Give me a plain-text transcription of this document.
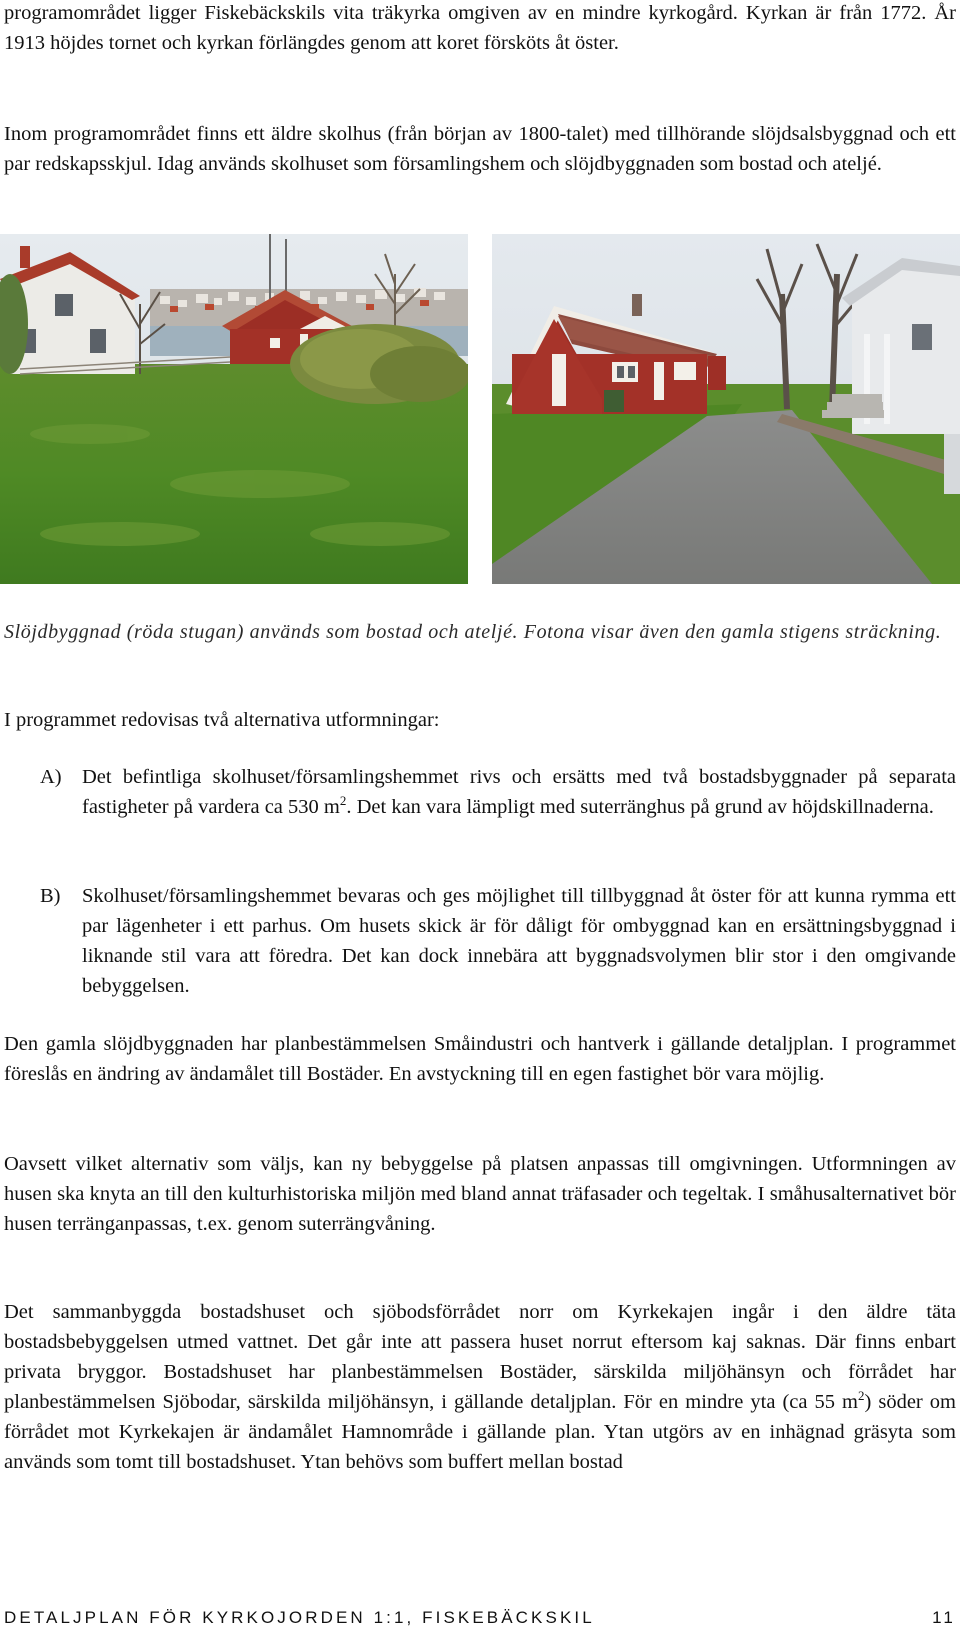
programområdet ligger Fiskebäckskils vita träkyrka omgiven av en mindre kyrkogård. Kyrkan är från 1772. År 1913 höjdes tornet och kyrkan förlängdes genom att koret försköts åt öster.

Inom programområdet finns ett äldre skolhus (från början av 1800-talet) med tillhörande slöjdsalsbyggnad och ett par redskapsskjul. Idag används skolhuset som församlingshem och slöjdbyggnaden som bostad och ateljé.

Slöjdbyggnad (röda stugan) används som bostad och ateljé. Fotona visar även den gamla stigens sträckning.

I programmet redovisas två alternativa utformningar:

A) Det befintliga skolhuset/församlingshemmet rivs och ersätts med två bostadsbyggnader på separata fastigheter på vardera ca 530 $m^2$. Det kan vara lämpligt med suterränghus på grund av höjdskillnaderna.
B) Skolhuset/församlingshemmet bevaras och ges möjlighet till tillbyggnad åt öster för att kunna rymma ett par lägenheter i ett parhus. Om husets skick är för dåligt för ombyggnad kan en ersättningsbyggnad i liknande stil vara att föredra. Det kan dock innebära att byggnadsvolymen blir stor i den omgivande bebyggelsen.

Den gamla slöjdbyggnaden har planbestämmelsen Småindustri och hantverk i gällande detaljplan. I programmet föreslås en ändring av ändamålet till Bostäder. En avstyckning till en egen fastighet bör vara möjlig.

Oavsett vilket alternativ som väljs, kan ny bebyggelse på platsen anpassas till omgivningen. Utformningen av husen ska knyta an till den kulturhistoriska miljön med bland annat träfasader och tegeltak. I småhusalternativet bör husen terränganpassas, t.ex. genom suterrängvåning.

Det sammanbyggda bostadshuset och sjöbodsförrådet norr om Kyrkekajen ingår i den äldre täta bostadsbebyggelsen utmed vattnet. Det går inte att passera huset norrut eftersom kaj saknas. Där finns enbart privata bryggor. Bostadshuset har planbestämmelsen Bostäder, särskilda miljöhänsyn och förrådet har planbestämmelsen Sjöbodar, särskilda miljöhänsyn, i gällande detaljplan. För en mindre yta (ca 55 $m^2$) söder om förrådet mot Kyrkekajen är ändamålet Hamnområde i gällande plan. Ytan utgörs av en inhägnad gräsyta som används som tomt till bostadshuset. Ytan behövs som buffert mellan bostad

DETALJPLAN FÖR KYRKOJORDEN 1:1, FISKEBÄCKSKIL	11
